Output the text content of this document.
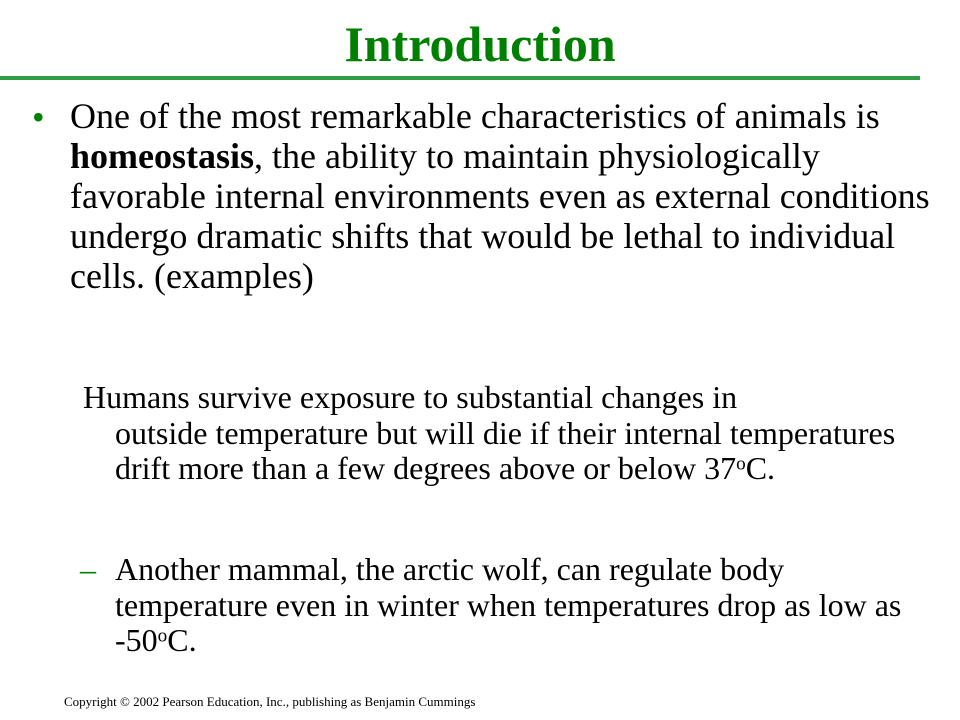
Introduction
• One of the most remarkable characteristics of animals is homeostasis, the ability to maintain physiologically favorable internal environments even as external conditions undergo dramatic shifts that would be lethal to individual cells. (examples)

Humans survive exposure to substantial changes in
outside temperature but will die if their internal temperatures drift more than a few degrees above or below 37$^o$C.

– Another mammal, the arctic wolf, can regulate body temperature even in winter when temperatures drop as low as -50$^o$C.

Copyright © 2002 Pearson Education, Inc., publishing as Benjamin Cummings
